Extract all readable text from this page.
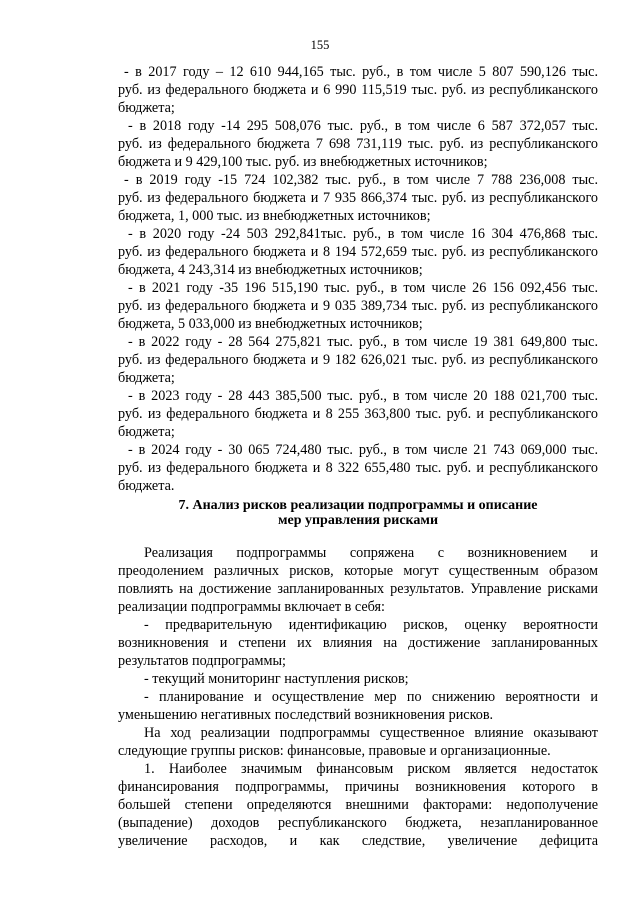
155
- в 2017 году – 12 610 944,165 тыс. руб., в том числе 5 807 590,126 тыс.
руб. из федерального бюджета и 6 990 115,519 тыс. руб. из республиканского
бюджета;
- в 2018 году -14 295 508,076 тыс. руб., в том числе 6 587 372,057 тыс.
руб. из федерального бюджета 7 698 731,119 тыс. руб. из республиканского
бюджета и 9 429,100 тыс. руб. из внебюджетных источников;
- в 2019 году -15 724 102,382 тыс. руб., в том числе 7 788 236,008 тыс.
руб. из федерального бюджета и 7 935 866,374 тыс. руб. из республиканского
бюджета, 1, 000 тыс. из внебюджетных источников;
- в 2020 году -24 503 292,841тыс. руб., в том числе 16 304 476,868 тыс.
руб. из федерального бюджета и 8 194 572,659 тыс. руб. из республиканского
бюджета, 4 243,314 из внебюджетных источников;
- в 2021 году -35 196 515,190 тыс. руб., в том числе 26 156 092,456 тыс.
руб. из федерального бюджета и 9 035 389,734 тыс. руб. из республиканского
бюджета, 5 033,000 из внебюджетных источников;
- в 2022 году - 28 564 275,821 тыс. руб., в том числе 19 381 649,800 тыс.
руб. из федерального бюджета и 9 182 626,021 тыс. руб. из республиканского
бюджета;
- в 2023 году - 28 443 385,500 тыс. руб., в том числе 20 188 021,700 тыс.
руб. из федерального бюджета и 8 255 363,800 тыс. руб. и республиканского
бюджета;
- в 2024 году - 30 065 724,480 тыс. руб., в том числе 21 743 069,000 тыс.
руб. из федерального бюджета и 8 322 655,480 тыс. руб. и республиканского
бюджета.
7. Анализ рисков реализации подпрограммы и описание
мер управления рисками
Реализация подпрограммы сопряжена с возникновением и
преодолением различных рисков, которые могут существенным образом
повлиять на достижение запланированных результатов. Управление рисками
реализации подпрограммы включает в себя:
- предварительную идентификацию рисков, оценку вероятности
возникновения и степени их влияния на достижение запланированных
результатов подпрограммы;
- текущий мониторинг наступления рисков;
- планирование и осуществление мер по снижению вероятности и
уменьшению негативных последствий возникновения рисков.
На ход реализации подпрограммы существенное влияние оказывают
следующие группы рисков: финансовые, правовые и организационные.
1. Наиболее значимым финансовым риском является недостаток
финансирования подпрограммы, причины возникновения которого в
большей степени определяются внешними факторами: недополучение
(выпадение) доходов республиканского бюджета, незапланированное
увеличение расходов, и как следствие, увеличение дефицита
